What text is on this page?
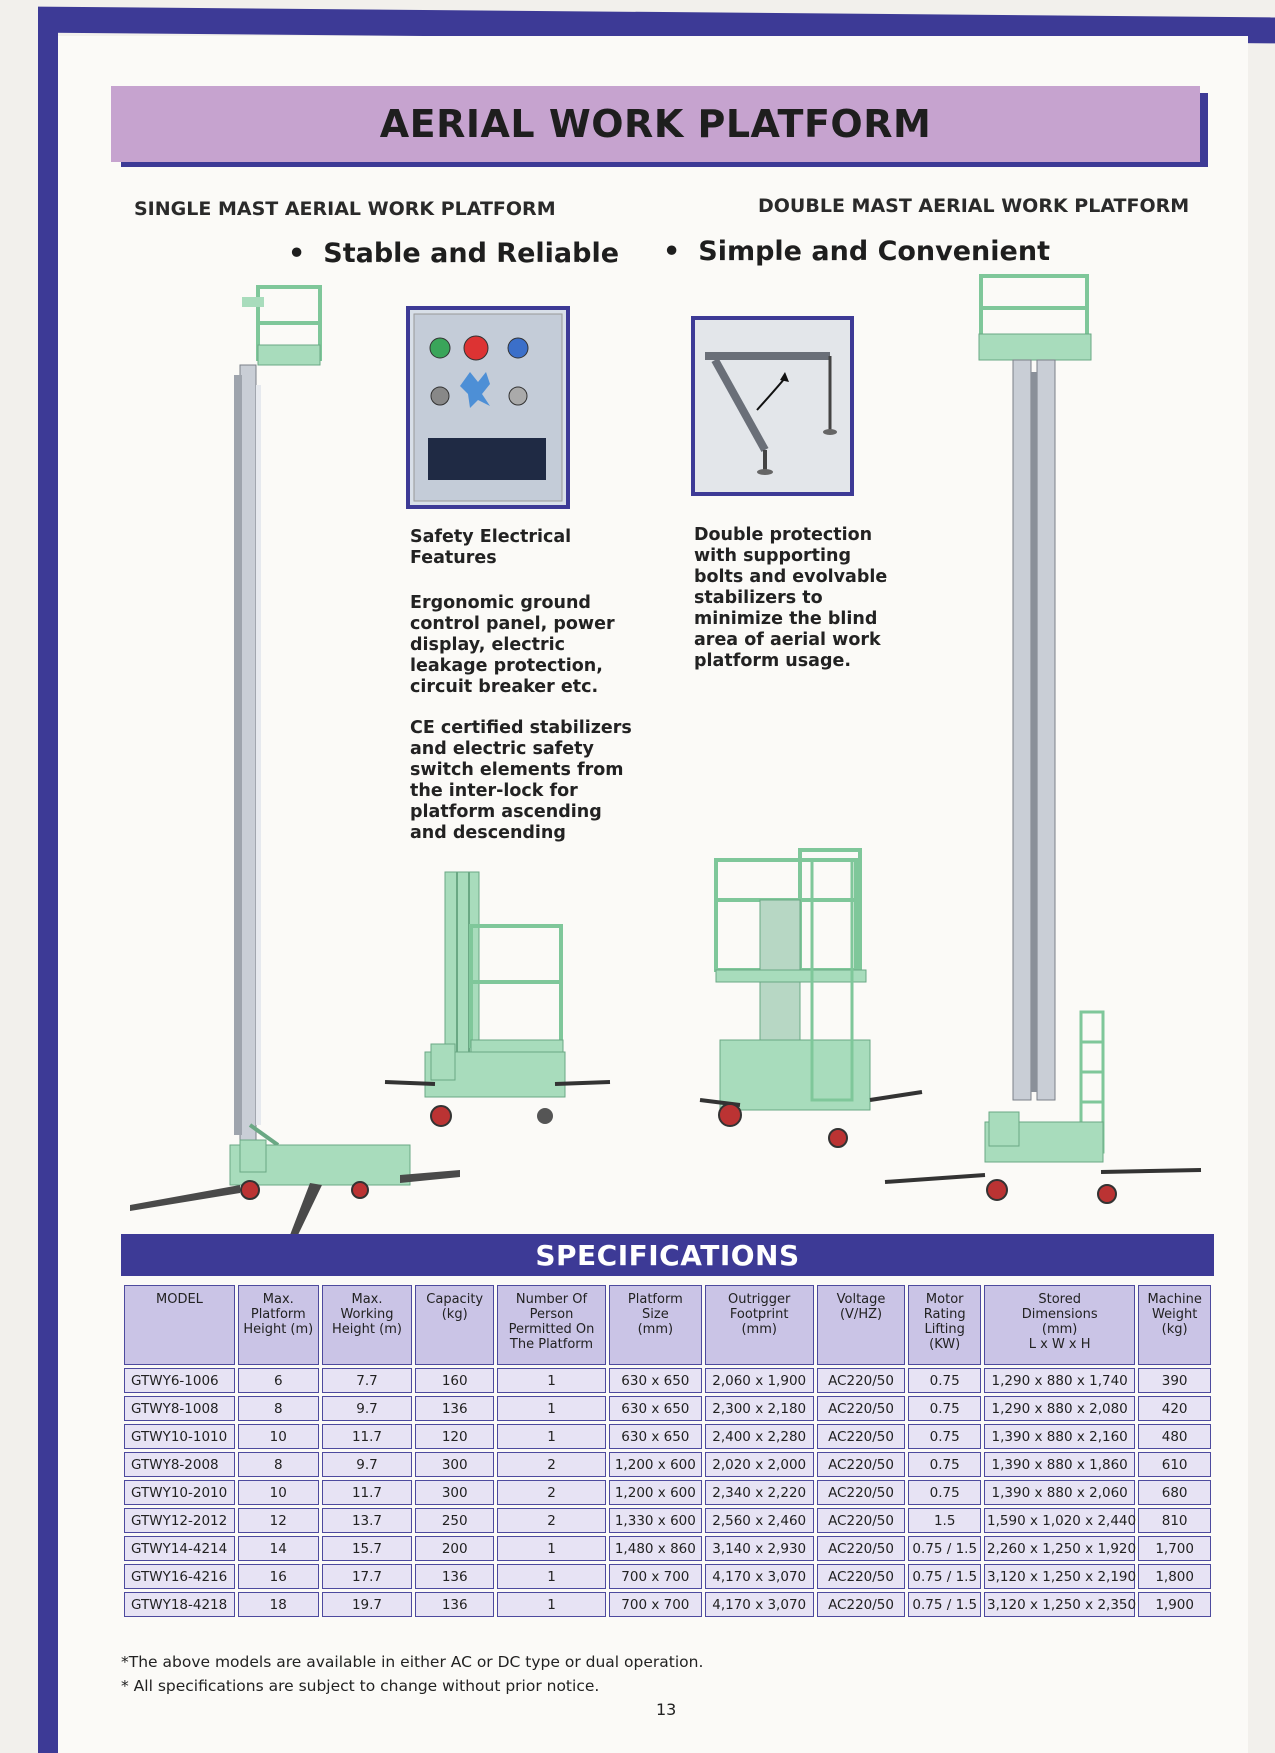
AERIAL WORK PLATFORM
SINGLE MAST AERIAL WORK PLATFORM	DOUBLE MAST AERIAL WORK PLATFORM
• Stable and Reliable • Simple and Convenient
Safety Electrical
Features
Ergonomic ground
control panel, power
display, electric
leakage protection,
circuit breaker etc.
CE certified stabilizers
and electric safety
switch elements from
the inter-lock for
platform ascending
and descending
Double protection
with supporting
bolts and evolvable
stabilizers to
minimize the blind
area of aerial work
platform usage.
SPECIFICATIONS
MODEL	Max.
Platform
Height (m)	Max.
Working
Height (m)	Capacity
(kg)	Number Of
Person
Permitted On
The Platform	Platform
Size
(mm)	Outrigger
Footprint
(mm)	Voltage
(V/HZ)	Motor
Rating
Lifting
(KW)	Stored
Dimensions
(mm)
L x W x H	Machine
Weight
(kg)
GTWY6-1006	6	7.7	160	1	630 x 650	2,060 x 1,900	AC220/50	0.75	1,290 x 880 x 1,740	390
GTWY8-1008	8	9.7	136	1	630 x 650	2,300 x 2,180	AC220/50	0.75	1,290 x 880 x 2,080	420
GTWY10-1010	10	11.7	120	1	630 x 650	2,400 x 2,280	AC220/50	0.75	1,390 x 880 x 2,160	480
GTWY8-2008	8	9.7	300	2	1,200 x 600	2,020 x 2,000	AC220/50	0.75	1,390 x 880 x 1,860	610
GTWY10-2010	10	11.7	300	2	1,200 x 600	2,340 x 2,220	AC220/50	0.75	1,390 x 880 x 2,060	680
GTWY12-2012	12	13.7	250	2	1,330 x 600	2,560 x 2,460	AC220/50	1.5	1,590 x 1,020 x 2,440	810
GTWY14-4214	14	15.7	200	1	1,480 x 860	3,140 x 2,930	AC220/50	0.75 / 1.5	2,260 x 1,250 x 1,920	1,700
GTWY16-4216	16	17.7	136	1	700 x 700	4,170 x 3,070	AC220/50	0.75 / 1.5	3,120 x 1,250 x 2,190	1,800
GTWY18-4218	18	19.7	136	1	700 x 700	4,170 x 3,070	AC220/50	0.75 / 1.5	3,120 x 1,250 x 2,350	1,900
*The above models are available in either AC or DC type or dual operation.
* All specifications are subject to change without prior notice.
13
